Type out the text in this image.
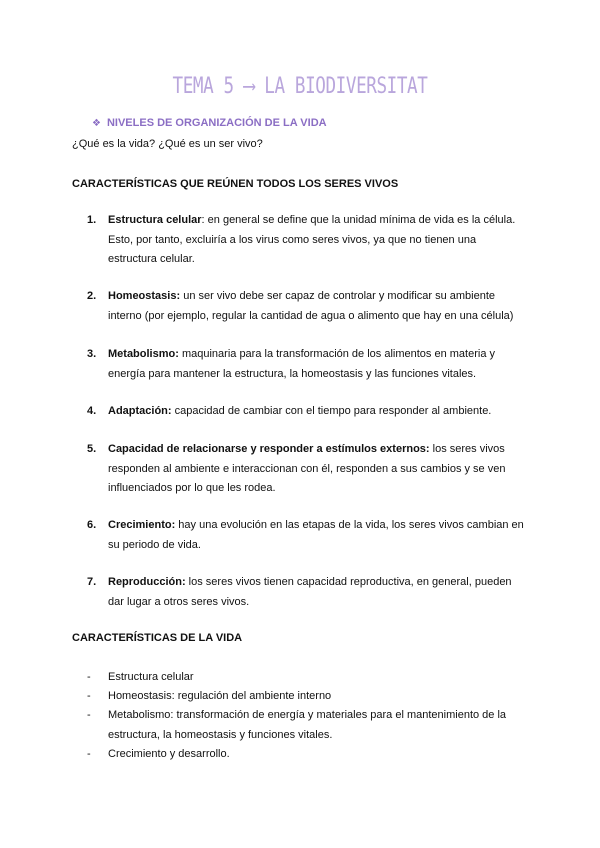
TEMA 5 ⟶ LA BIODIVERSITAT
❖ NIVELES DE ORGANIZACIÓN DE LA VIDA
¿Qué es la vida? ¿Qué es un ser vivo?
CARACTERÍSTICAS QUE REÚNEN TODOS LOS SERES VIVOS
1.	Estructura celular: en general se define que la unidad mínima de vida es la célula. Esto, por tanto, excluiría a los virus como seres vivos, ya que no tienen una estructura celular.
2.	Homeostasis: un ser vivo debe ser capaz de controlar y modificar su ambiente interno (por ejemplo, regular la cantidad de agua o alimento que hay en una célula)
3.	Metabolismo: maquinaria para la transformación de los alimentos en materia y energía para mantener la estructura, la homeostasis y las funciones vitales.
4.	Adaptación: capacidad de cambiar con el tiempo para responder al ambiente.
5.	Capacidad de relacionarse y responder a estímulos externos: los seres vivos responden al ambiente e interaccionan con él, responden a sus cambios y se ven influenciados por lo que les rodea.
6.	Crecimiento: hay una evolución en las etapas de la vida, los seres vivos cambian en su periodo de vida.
7.	Reproducción: los seres vivos tienen capacidad reproductiva, en general, pueden dar lugar a otros seres vivos.
CARACTERÍSTICAS DE LA VIDA
-	Estructura celular
-	Homeostasis: regulación del ambiente interno
-	Metabolismo: transformación de energía y materiales para el mantenimiento de la estructura, la homeostasis y funciones vitales.
-	Crecimiento y desarrollo.
